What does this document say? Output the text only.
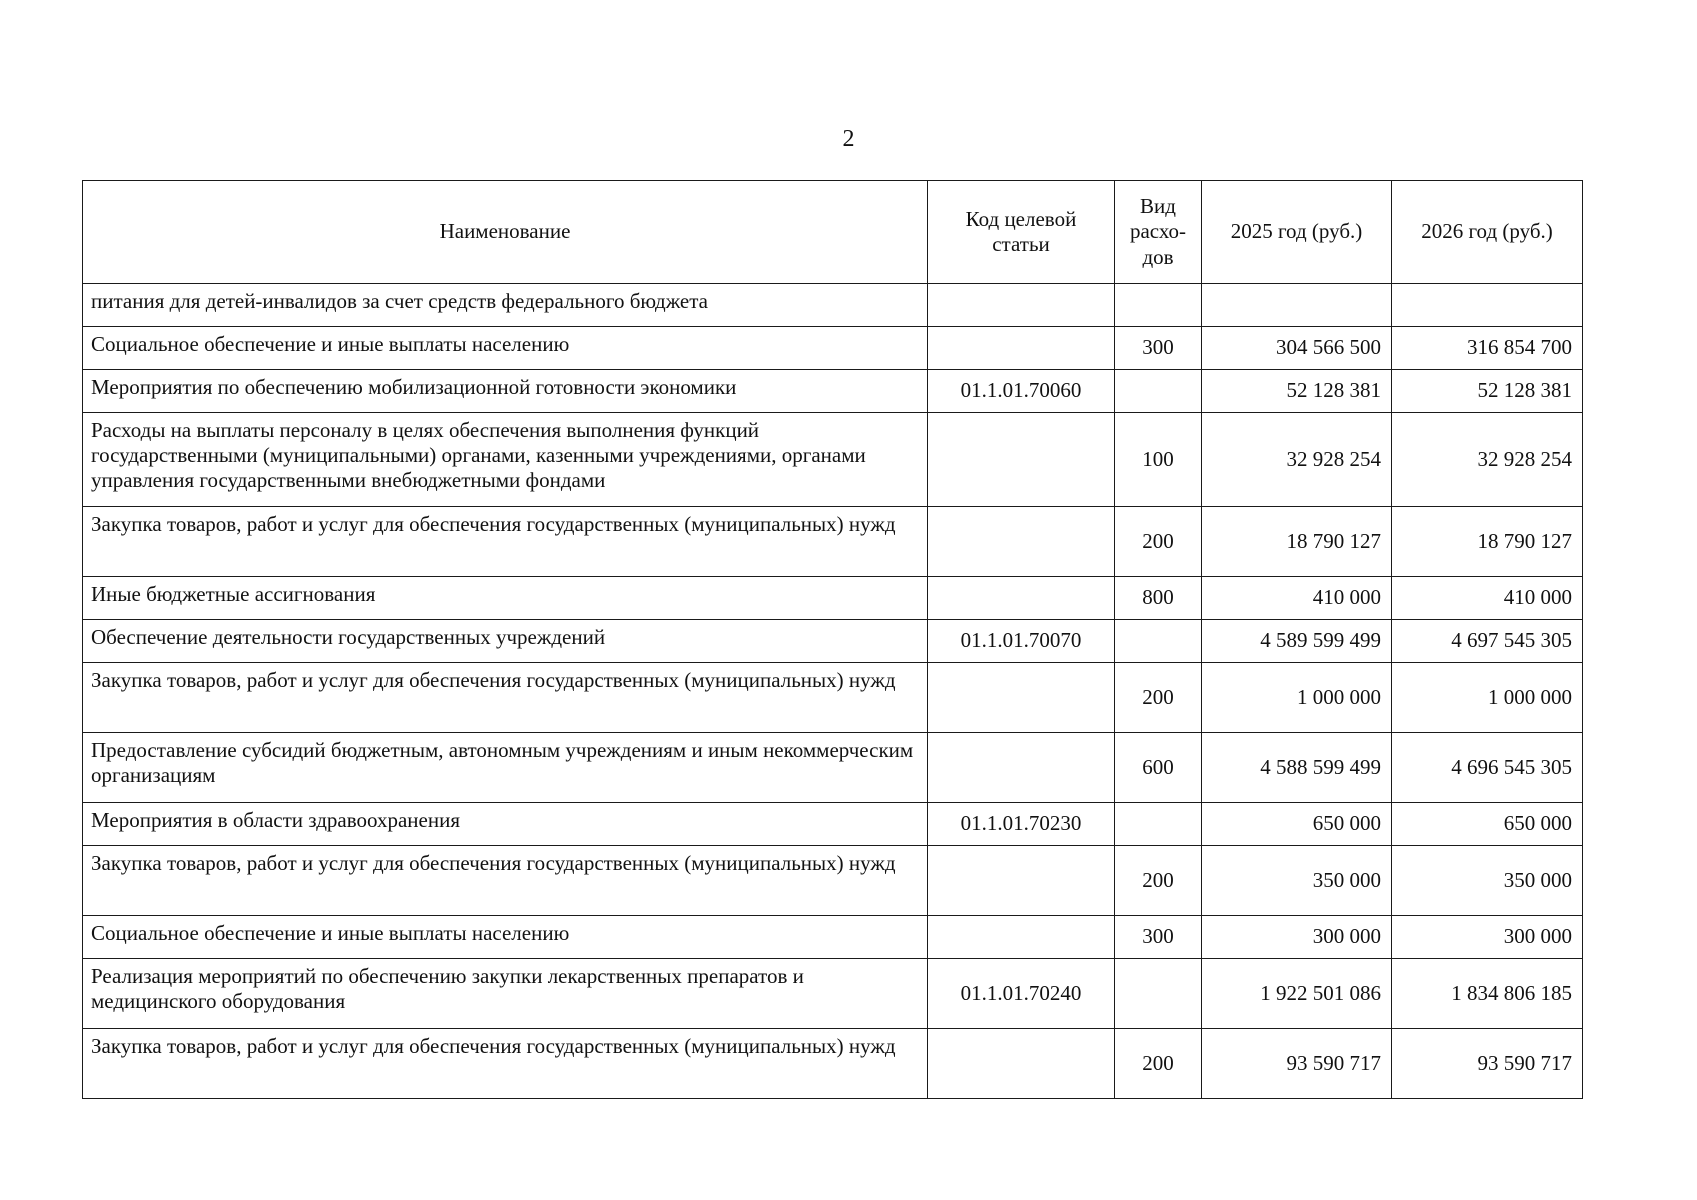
2
Наименование	Код целевой статьи	Вид расхо-дов	2025 год (руб.)	2026 год (руб.)
питания для детей-инвалидов за счет средств федерального бюджета				
Социальное обеспечение и иные выплаты населению		300	304 566 500	316 854 700
Мероприятия по обеспечению мобилизационной готовности экономики	01.1.01.70060		52 128 381	52 128 381
Расходы на выплаты персоналу в целях обеспечения выполнения функций государственными (муниципальными) органами, казенными учреждениями, органами управления государственными внебюджетными фондами		100	32 928 254	32 928 254
Закупка товаров, работ и услуг для обеспечения государственных (муниципальных) нужд		200	18 790 127	18 790 127
Иные бюджетные ассигнования		800	410 000	410 000
Обеспечение деятельности государственных учреждений	01.1.01.70070		4 589 599 499	4 697 545 305
Закупка товаров, работ и услуг для обеспечения государственных (муниципальных) нужд		200	1 000 000	1 000 000
Предоставление субсидий бюджетным, автономным учреждениям и иным некоммерческим организациям		600	4 588 599 499	4 696 545 305
Мероприятия в области здравоохранения	01.1.01.70230		650 000	650 000
Закупка товаров, работ и услуг для обеспечения государственных (муниципальных) нужд		200	350 000	350 000
Социальное обеспечение и иные выплаты населению		300	300 000	300 000
Реализация мероприятий по обеспечению закупки лекарственных препаратов и медицинского оборудования	01.1.01.70240		1 922 501 086	1 834 806 185
Закупка товаров, работ и услуг для обеспечения государственных (муниципальных) нужд		200	93 590 717	93 590 717
